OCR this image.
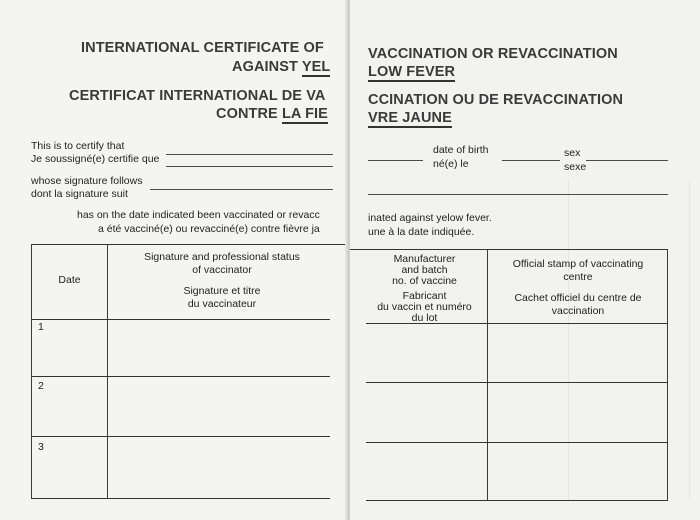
INTERNATIONAL CERTIFICATE OF
AGAINST YEL
CERTIFICAT INTERNATIONAL DE VA
CONTRE LA FIE
This is to certify that
Je soussigné(e) certifie que
whose signature follows
dont la signature suit
has on the date indicated been vaccinated or revacc
a été vacciné(e) ou revacciné(e) contre fièvre ja
Date
Signature and professional status
of vaccinator
Signature et titre
du vaccinateur
1
2
3
VACCINATION OR REVACCINATION
LOW FEVER
CCINATION OU DE REVACCINATION
VRE JAUNE
date of birth
né(e) le
sex
sexe
inated against yelow fever.
une à la date indiquée.
Manufacturer
and batch
no. of vaccine
Fabricant
du vaccin et numéro
du lot
Official stamp of vaccinating
centre
Cachet officiel du centre de
vaccination
